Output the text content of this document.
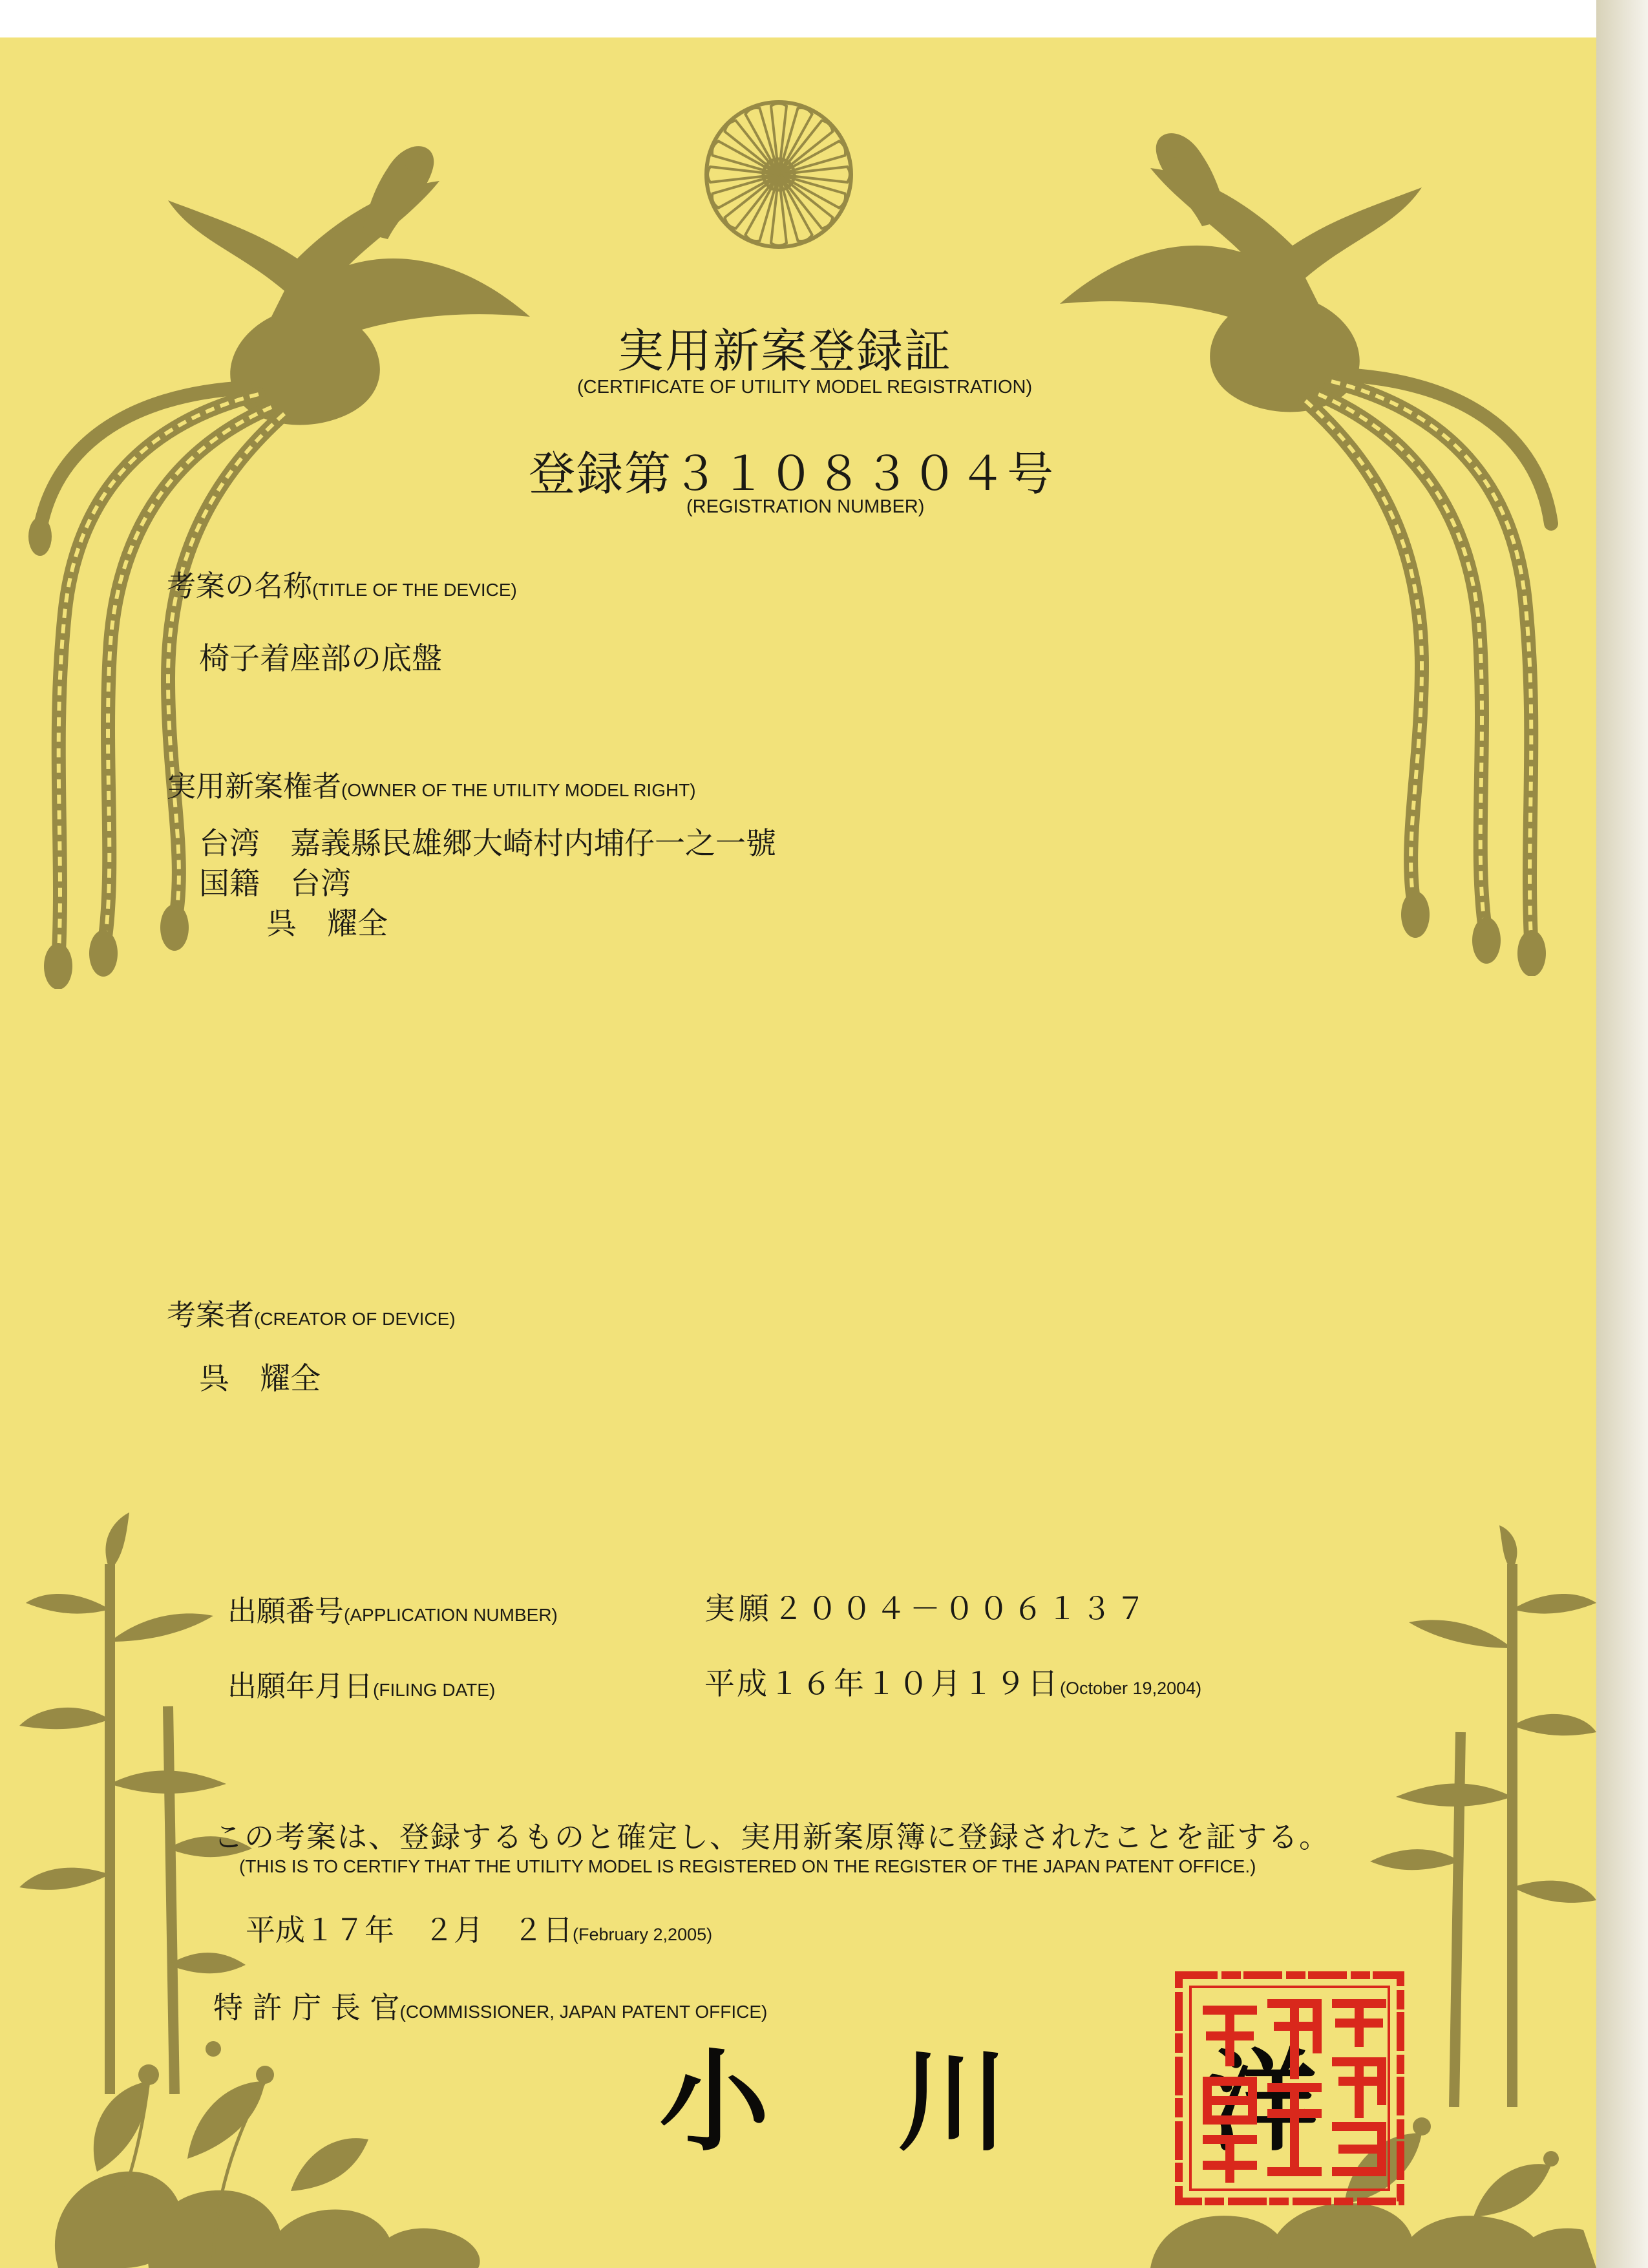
実用新案登録証
(CERTIFICATE OF UTILITY MODEL REGISTRATION)
登録第３１０８３０４号
(REGISTRATION NUMBER)
考案の名称(TITLE OF THE DEVICE)
椅子着座部の底盤
実用新案権者(OWNER OF THE UTILITY MODEL RIGHT)
台湾　嘉義縣民雄郷大崎村内埔仔一之一號
国籍　台湾
呉　耀全
考案者(CREATOR OF DEVICE)
呉　耀全
出願番号(APPLICATION NUMBER)	実願２００４－００６１３７
出願年月日(FILING DATE)	平成１６年１０月１９日(October 19,2004)
この考案は、登録するものと確定し、実用新案原簿に登録されたことを証する。
(THIS IS TO CERTIFY THAT THE UTILITY MODEL IS REGISTERED ON THE REGISTER OF THE JAPAN PATENT OFFICE.)
平成１７年　２月　２日(February 2,2005)
特 許 庁 長 官(COMMISSIONER, JAPAN PATENT OFFICE)
小 川　洋
